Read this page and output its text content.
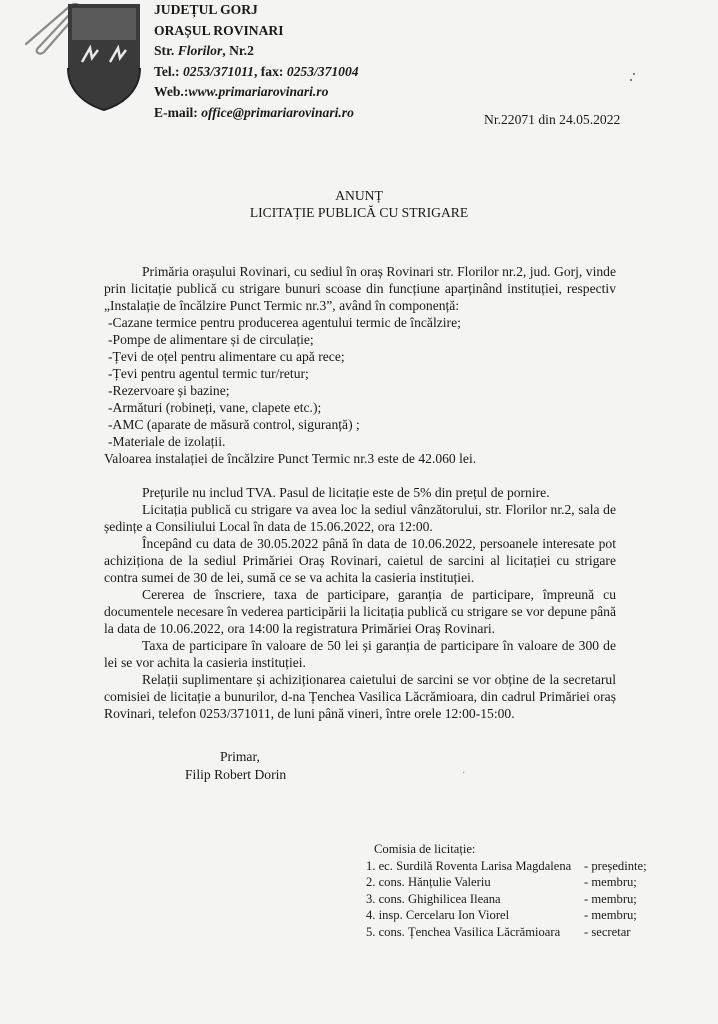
JUDEȚUL GORJ
ORAȘUL ROVINARI
Str. Florilor, Nr.2
Tel.: 0253/371011, fax: 0253/371004
Web.:www.primariarovinari.ro
E-mail: office@primariarovinari.ro	Nr.22071 din 24.05.2022
ANUNȚ
LICITAȚIE PUBLICĂ CU STRIGARE
Primăria orașului Rovinari, cu sediul în oraș Rovinari str. Florilor nr.2, jud. Gorj, vinde prin licitație publică cu strigare bunuri scoase din funcțiune aparținând instituției, respectiv „Instalație de încălzire Punct Termic nr.3”, având în componență:
-Cazane termice pentru producerea agentului termic de încălzire;
-Pompe de alimentare și de circulație;
-Țevi de oțel pentru alimentare cu apă rece;
-Țevi pentru agentul termic tur/retur;
-Rezervoare și bazine;
-Armături (robineți, vane, clapete etc.);
-AMC (aparate de măsură control, siguranță) ;
-Materiale de izolații.
Valoarea instalației de încălzire Punct Termic nr.3 este de 42.060 lei.
Prețurile nu includ TVA. Pasul de licitație este de 5% din prețul de pornire.
Licitația publică cu strigare va avea loc la sediul vânzătorului, str. Florilor nr.2, sala de ședințe a Consiliului Local în data de 15.06.2022, ora 12:00.
Începând cu data de 30.05.2022 până în data de 10.06.2022, persoanele interesate pot achiziționa de la sediul Primăriei Oraș Rovinari, caietul de sarcini al licitației cu strigare contra sumei de 30 de lei, sumă ce se va achita la casieria instituției.
Cererea de înscriere, taxa de participare, garanția de participare, împreună cu documentele necesare în vederea participării la licitația publică cu strigare se vor depune până la data de 10.06.2022, ora 14:00 la registratura Primăriei Oraș Rovinari.
Taxa de participare în valoare de 50 lei și garanția de participare în valoare de 300 de lei se vor achita la casieria instituției.
Relații suplimentare și achiziționarea caietului de sarcini se vor obține de la secretarul comisiei de licitație a bunurilor, d-na Țenchea Vasilica Lăcrămioara, din cadrul Primăriei oraș Rovinari, telefon 0253/371011, de luni până vineri, între orele 12:00-15:00.
Primar,
Filip Robert Dorin	·
Comisia de licitație:
1. ec. Surdilă Roventa Larisa Magdalena	- președinte;
2. cons. Hănțulie Valeriu	- membru;
3. cons. Ghighilicea Ileana	- membru;
4. insp. Cercelaru Ion Viorel	- membru;
5. cons. Țenchea Vasilica Lăcrămioara	- secretar
